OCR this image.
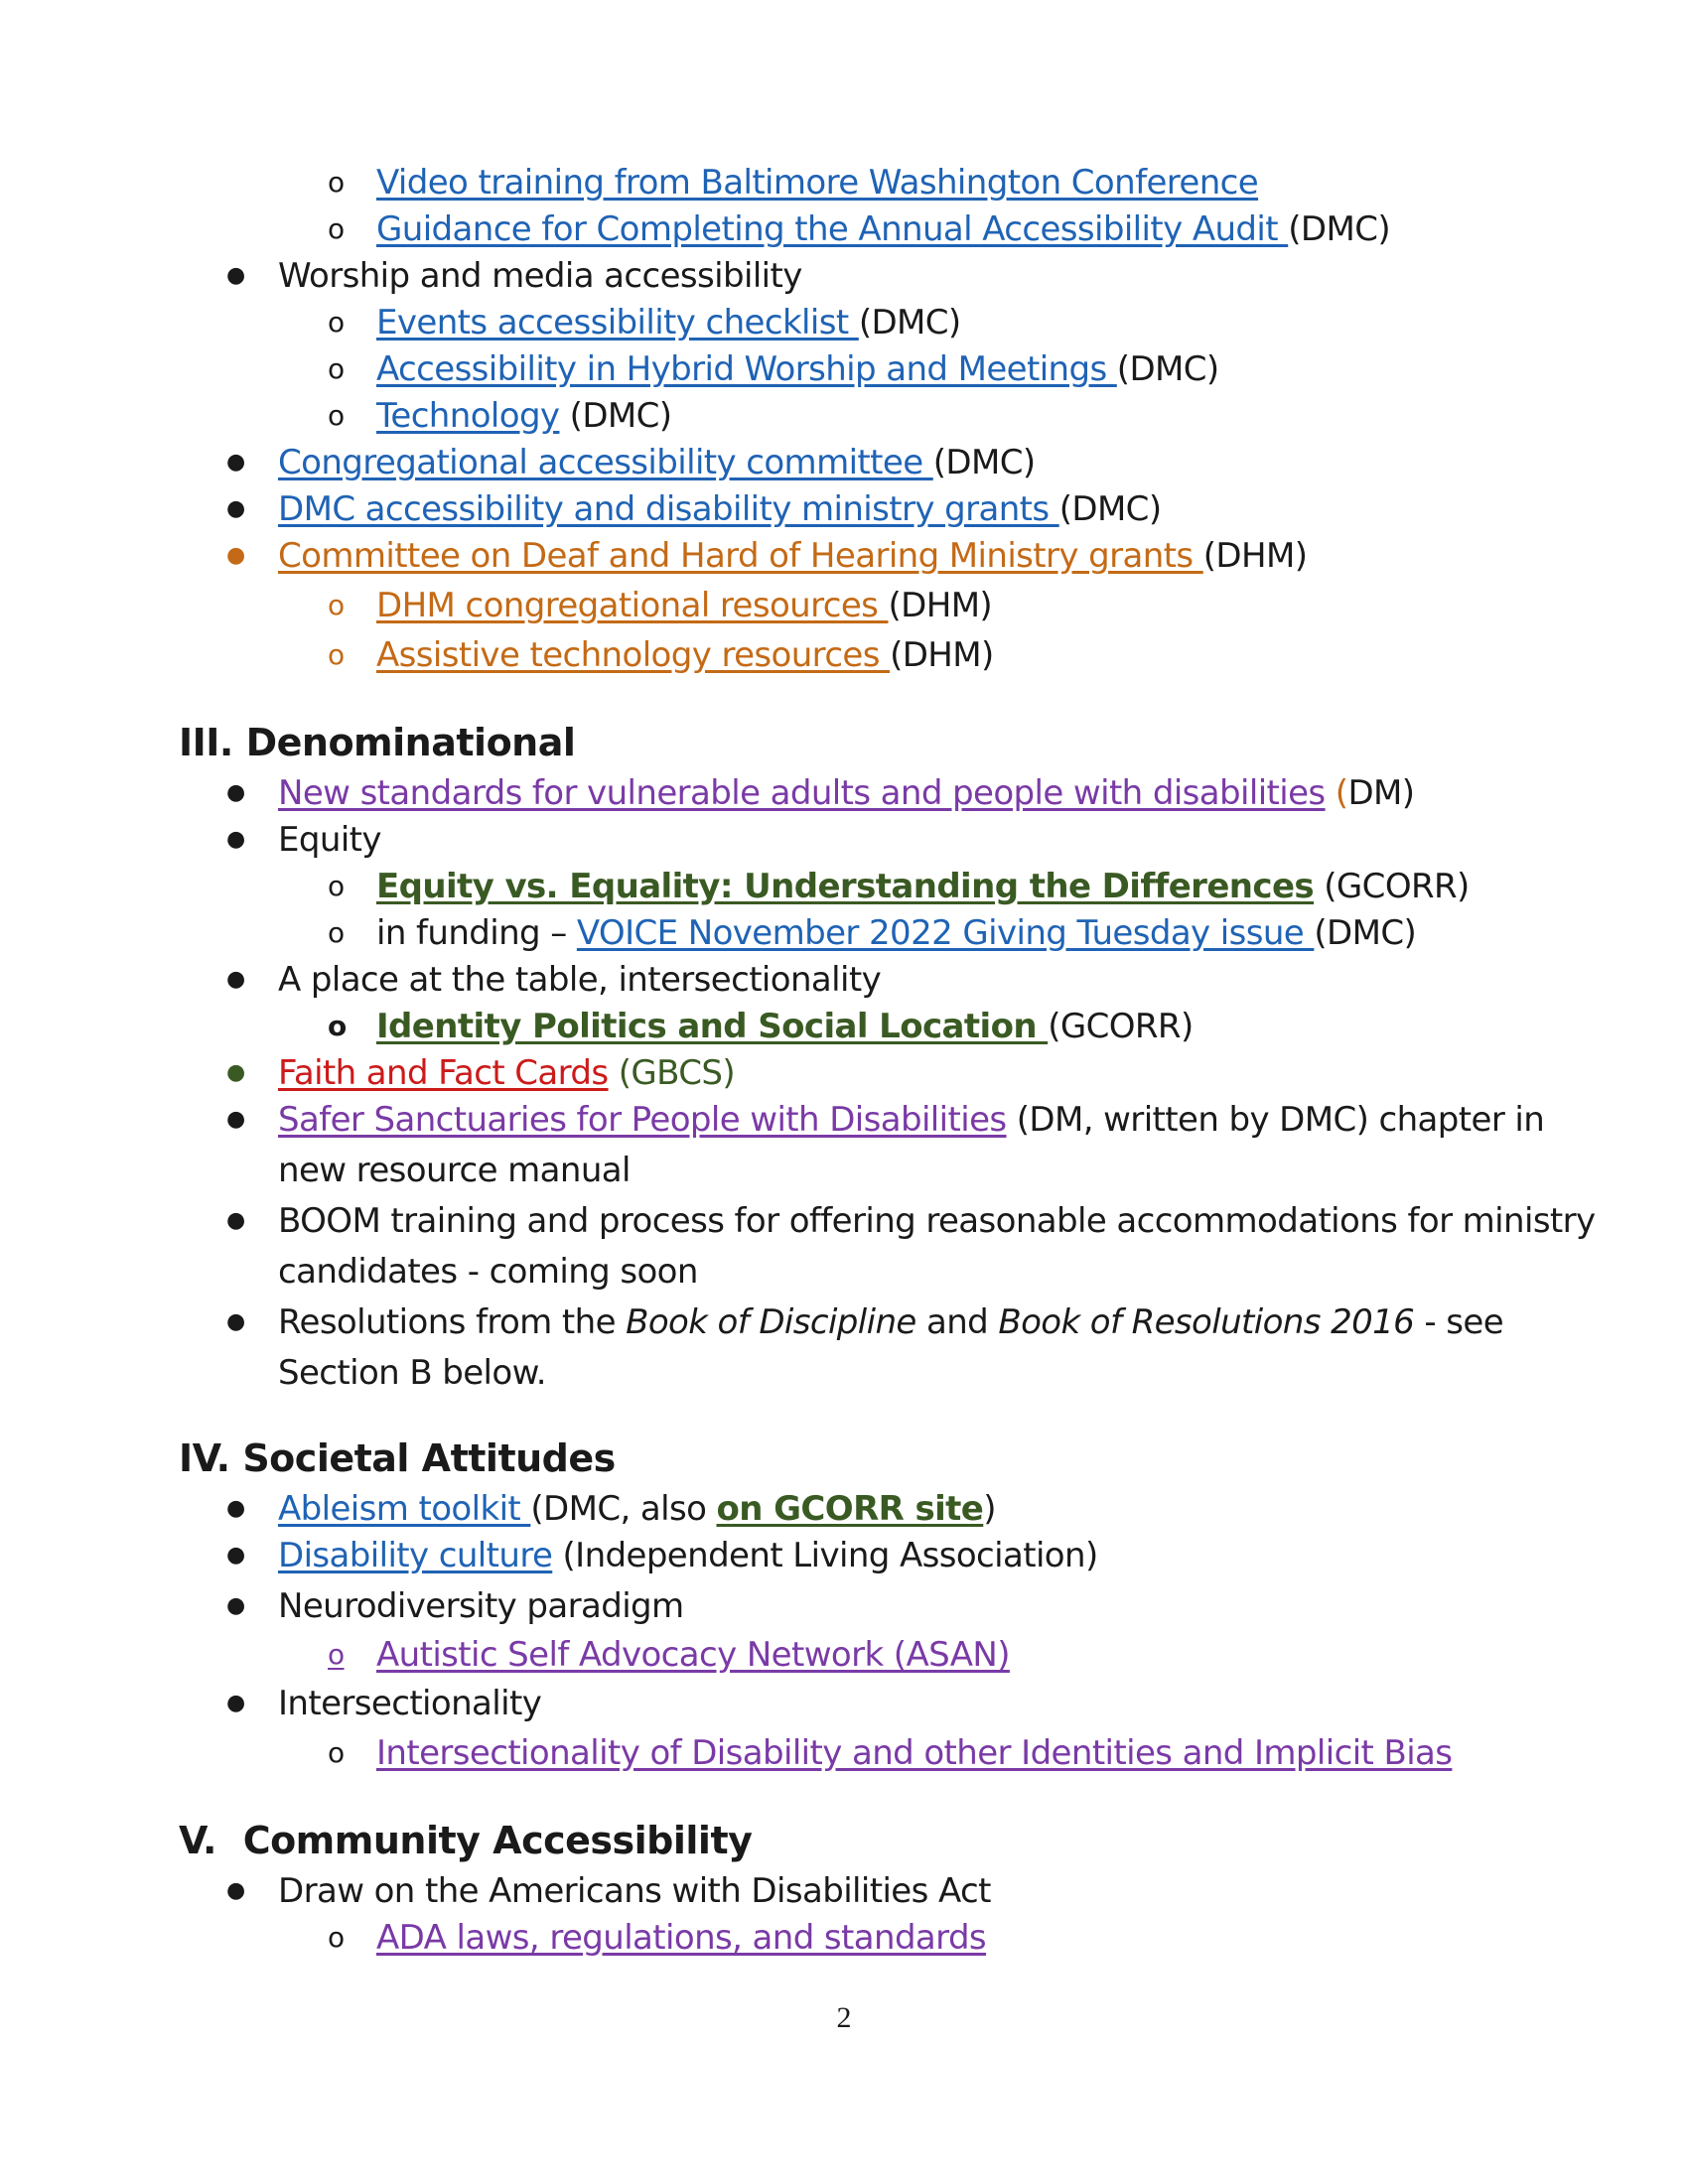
o Video training from Baltimore Washington Conference
o Guidance for Completing the Annual Accessibility Audit (DMC)
● Worship and media accessibility
o Events accessibility checklist (DMC)
o Accessibility in Hybrid Worship and Meetings (DMC)
o Technology (DMC)
● Congregational accessibility committee (DMC)
● DMC accessibility and disability ministry grants (DMC)
● Committee on Deaf and Hard of Hearing Ministry grants (DHM)
o DHM congregational resources (DHM)
o Assistive technology resources (DHM)
III. Denominational
● New standards for vulnerable adults and people with disabilities (DM)
● Equity
o Equity vs. Equality: Understanding the Differences (GCORR)
o in funding – VOICE November 2022 Giving Tuesday issue (DMC)
● A place at the table, intersectionality
o Identity Politics and Social Location (GCORR)
● Faith and Fact Cards (GBCS)
● Safer Sanctuaries for People with Disabilities (DM, written by DMC) chapter in
new resource manual
● BOOM training and process for offering reasonable accommodations for ministry
candidates - coming soon
● Resolutions from the Book of Discipline and Book of Resolutions 2016 - see
Section B below.
IV. Societal Attitudes
● Ableism toolkit (DMC, also on GCORR site)
● Disability culture (Independent Living Association)
● Neurodiversity paradigm
o Autistic Self Advocacy Network (ASAN)
● Intersectionality
o Intersectionality of Disability and other Identities and Implicit Bias
V. Community Accessibility
● Draw on the Americans with Disabilities Act
o ADA laws, regulations, and standards
2
